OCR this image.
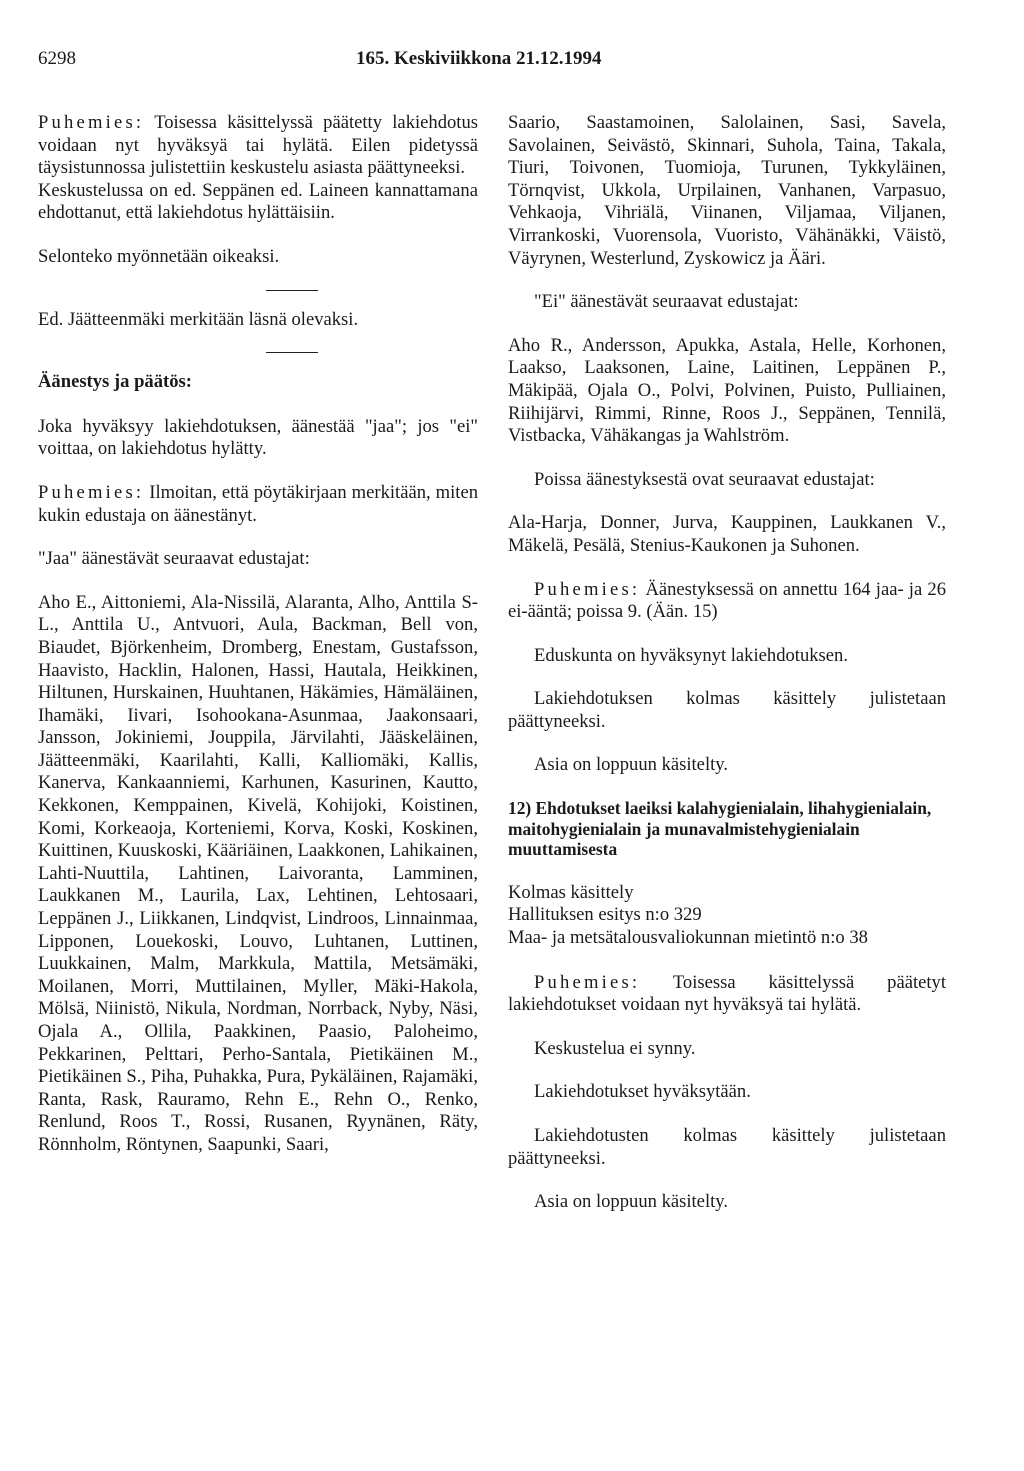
6298	165. Keskiviikkona 21.12.1994

Puhemies: Toisessa käsittelyssä päätetty lakiehdotus voidaan nyt hyväksyä tai hylätä. Eilen pidetyssä täysistunnossa julistettiin keskustelu asiasta päättyneeksi.

Keskustelussa on ed. Seppänen ed. Laineen kannattamana ehdottanut, että lakiehdotus hylättäisiin.

Selonteko myönnetään oikeaksi.

Ed. Jäätteenmäki merkitään läsnä olevaksi.

Äänestys ja päätös:

Joka hyväksyy lakiehdotuksen, äänestää "jaa"; jos "ei" voittaa, on lakiehdotus hylätty.

Puhemies: Ilmoitan, että pöytäkirjaan merkitään, miten kukin edustaja on äänestänyt.

"Jaa" äänestävät seuraavat edustajat:

Aho E., Aittoniemi, Ala-Nissilä, Alaranta, Alho, Anttila S-L., Anttila U., Antvuori, Aula, Backman, Bell von, Biaudet, Björkenheim, Dromberg, Enestam, Gustafsson, Haavisto, Hacklin, Halonen, Hassi, Hautala, Heikkinen, Hiltunen, Hurskainen, Huuhtanen, Häkämies, Hämäläinen, Ihamäki, Iivari, Isohookana-Asunmaa, Jaakonsaari, Jansson, Jokiniemi, Jouppila, Järvilahti, Jääskeläinen, Jäätteenmäki, Kaarilahti, Kalli, Kalliomäki, Kallis, Kanerva, Kankaanniemi, Karhunen, Kasurinen, Kautto, Kekkonen, Kemppainen, Kivelä, Kohijoki, Koistinen, Komi, Korkeaoja, Korteniemi, Korva, Koski, Koskinen, Kuittinen, Kuuskoski, Kääriäinen, Laakkonen, Lahikainen, Lahti-Nuuttila, Lahtinen, Laivoranta, Lamminen, Laukkanen M., Laurila, Lax, Lehtinen, Lehtosaari, Leppänen J., Liikkanen, Lindqvist, Lindroos, Linnainmaa, Lipponen, Louekoski, Louvo, Luhtanen, Luttinen, Luukkainen, Malm, Markkula, Mattila, Metsämäki, Moilanen, Morri, Muttilainen, Myller, Mäki-Hakola, Mölsä, Niinistö, Nikula, Nordman, Norrback, Nyby, Näsi, Ojala A., Ollila, Paakkinen, Paasio, Paloheimo, Pekkarinen, Pelttari, Perho-Santala, Pietikäinen M., Pietikäinen S., Piha, Puhakka, Pura, Pykäläinen, Rajamäki, Ranta, Rask, Rauramo, Rehn E., Rehn O., Renko, Renlund, Roos T., Rossi, Rusanen, Ryynänen, Räty, Rönnholm, Röntynen, Saapunki, Saari,

Saario, Saastamoinen, Salolainen, Sasi, Savela, Savolainen, Seivästö, Skinnari, Suhola, Taina, Takala, Tiuri, Toivonen, Tuomioja, Turunen, Tykkyläinen, Törnqvist, Ukkola, Urpilainen, Vanhanen, Varpasuo, Vehkaoja, Vihriälä, Viinanen, Viljamaa, Viljanen, Virrankoski, Vuorensola, Vuoristo, Vähänäkki, Väistö, Väyrynen, Westerlund, Zyskowicz ja Ääri.

"Ei" äänestävät seuraavat edustajat:

Aho R., Andersson, Apukka, Astala, Helle, Korhonen, Laakso, Laaksonen, Laine, Laitinen, Leppänen P., Mäkipää, Ojala O., Polvi, Polvinen, Puisto, Pulliainen, Riihijärvi, Rimmi, Rinne, Roos J., Seppänen, Tennilä, Vistbacka, Vähäkangas ja Wahlström.

Poissa äänestyksestä ovat seuraavat edustajat:

Ala-Harja, Donner, Jurva, Kauppinen, Laukkanen V., Mäkelä, Pesälä, Stenius-Kaukonen ja Suhonen.

Puhemies: Äänestyksessä on annettu 164 jaa- ja 26 ei-ääntä; poissa 9. (Ään. 15)

Eduskunta on hyväksynyt lakiehdotuksen.

Lakiehdotuksen kolmas käsittely julistetaan päättyneeksi.

Asia on loppuun käsitelty.

12) Ehdotukset laeiksi kalahygienialain, lihahygienialain, maitohygienialain ja munavalmistehygienialain muuttamisesta

Kolmas käsittely

Hallituksen esitys n:o 329

Maa- ja metsätalousvaliokunnan mietintö n:o 38

Puhemies: Toisessa käsittelyssä päätetyt lakiehdotukset voidaan nyt hyväksyä tai hylätä.

Keskustelua ei synny.

Lakiehdotukset hyväksytään.

Lakiehdotusten kolmas käsittely julistetaan päättyneeksi.

Asia on loppuun käsitelty.
